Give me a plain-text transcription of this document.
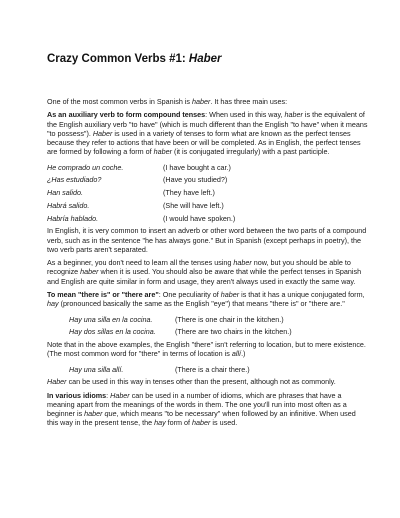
Crazy Common Verbs #1: Haber

One of the most common verbs in Spanish is haber. It has three main uses:

As an auxiliary verb to form compound tenses: When used in this way, haber is the equivalent of the English auxiliary verb "to have" (which is much different than the English "to have" when it means "to possess"). Haber is used in a variety of tenses to form what are known as the perfect tenses because they refer to actions that have been or will be completed. As in English, the perfect tenses are formed by following a form of haber (it is conjugated irregularly) with a past participle.

He comprado un coche.	(I have bought a car.)
¿Has estudiado?	(Have you studied?)
Han salido.	(They have left.)
Habrá salido.	(She will have left.)
Habría hablado.	(I would have spoken.)

In English, it is very common to insert an adverb or other word between the two parts of a compound verb, such as in the sentence "he has always gone." But in Spanish (except perhaps in poetry), the two verb parts aren't separated.

As a beginner, you don't need to learn all the tenses using haber now, but you should be able to recognize haber when it is used. You should also be aware that while the perfect tenses in Spanish and English are quite similar in form and usage, they aren't always used in exactly the same way.

To mean "there is" or "there are": One peculiarity of haber is that it has a unique conjugated form, hay (pronounced basically the same as the English "eye") that means "there is" or "there are."

Hay una silla en la cocina.	(There is one chair in the kitchen.)
Hay dos sillas en la cocina.	(There are two chairs in the kitchen.)

Note that in the above examples, the English "there" isn't referring to location, but to mere existence. (The most common word for "there" in terms of location is allí.)

Hay una silla allí.	(There is a chair there.)

Haber can be used in this way in tenses other than the present, although not as commonly.

In various idioms: Haber can be used in a number of idioms, which are phrases that have a meaning apart from the meanings of the words in them. The one you'll run into most often as a beginner is haber que, which means "to be necessary" when followed by an infinitive. When used this way in the present tense, the hay form of haber is used.
